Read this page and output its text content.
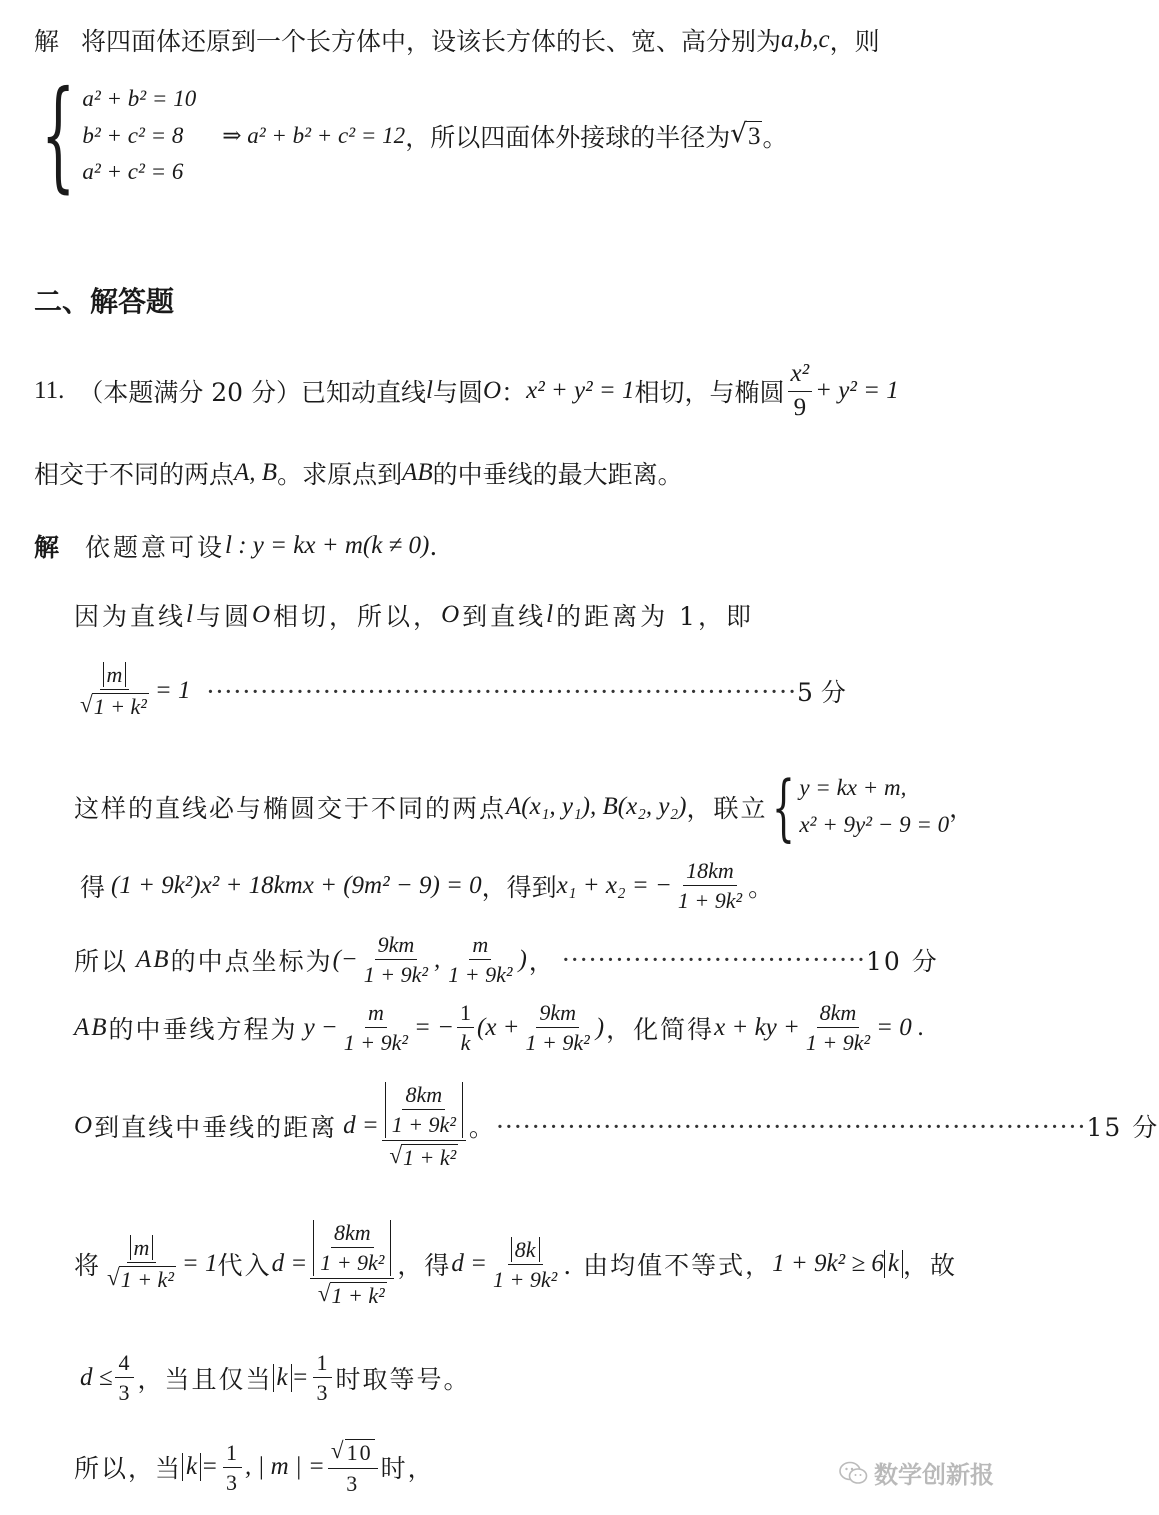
解 将四面体还原到一个长方体中，设该长方体的长、宽、高分别为 a,b,c ，则
{ a² + b² = 10
b² + c² = 8
a² + c² = 6
⇒ a² + b² + c² = 12 ，所以四面体外接球的半径为 √ 3 。
二、解答题
11. （本题满分 20 分）已知动直线 l 与圆 O ： x² + y² = 1 相切，与椭圆 $\frac{\text{x²}}{9} + y^2 = 1$
相交于不同的两点 A, B 。求原点到 AB 的中垂线的最大距离。
解 依题意可设 l : y = kx + m(k ≠ 0) .
因为直线 l 与圆 O 相切，所以， O 到直线 l 的距离为 1，即
$\frac{m}{\text{√ 1 + k²}} = 1$ ·································································· 5 分
这样的直线必与椭圆交于不同的两点 A(x₁, y₁), B(x₂, y₂) ，联立 { y = kx + m,
x² + 9y² − 9 = 0
，
得 (1 + 9k²)x² + 18kmx + (9m² − 9) = 0 ，得到 x₁ + x₂ = − $\frac{18km}{\text{1 + 9k²}}$ 。
所以 AB 的中点坐标为 (− $\frac{9km}{\text{1 + 9k²}}$ , $\frac{m}{\text{1 + 9k²}}$ ) ， ·································· 10 分
AB 的中垂线方程为 $y - \frac{m}{\text{1 + 9k²}}$ = − $\frac{1}{k} (x + \frac{9km}{\text{1 + 9k²}}$ ) ，化简得 x + ky + $\frac{8km}{\text{1 + 9k²}} = 0$ .
O 到直线中垂线的距离 $d = \frac{\frac{8km}{\text{1 + 9k²}}}{\text{√ 1 + k²}}$ 。 ·································································· 15 分
将 $\frac{m}{\text{√ 1 + k²}} = 1$ 代入 $d = \frac{\frac{8km}{\text{1 + 9k²}}}{\text{√ 1 + k²}}$ ，得 $d = \frac{8k}{\text{1 + 9k²}}$ . 由均值不等式， 1 + 9k² ≥ 6 k ，故
$d \le \frac{4}{3}$ ，当且仅当 $k = \frac{1}{3}$ 时取等号。
所以，当 $k = \frac{1}{3}$ , | m | = $\frac{√ 10}{3}$ 时，	数学创新报
